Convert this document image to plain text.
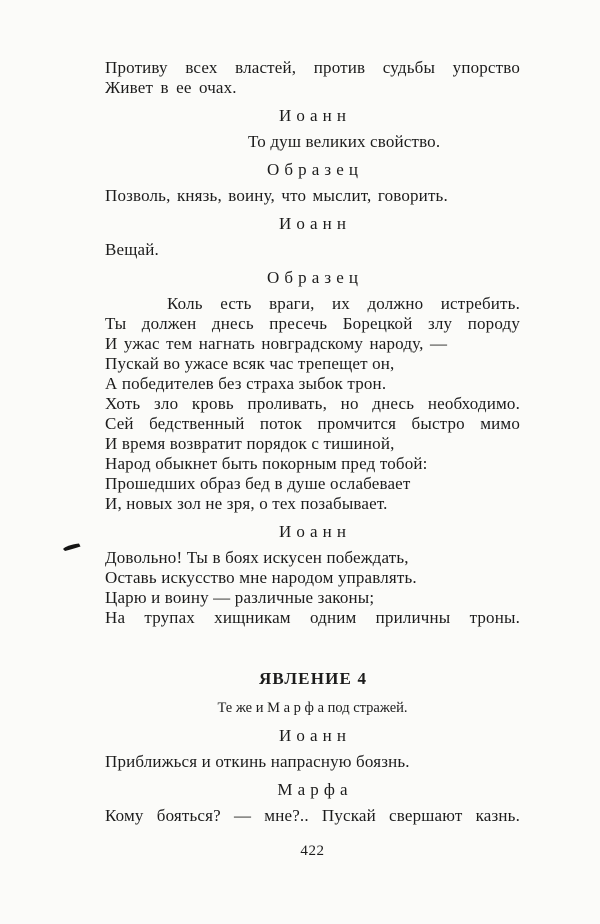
Противу всех властей, против судьбы упорство
Живет в ее очах.
Иоанн
То душ великих свойство.
Образец
Позволь, князь, воину, что мыслит, говорить.
Иоанн
Вещай.
Образец
Коль есть враги, их должно истребить.
Ты должен днесь пресечь Борецкой злу породу
И ужас тем нагнать новградскому народу, —
Пускай во ужасе всяк час трепещет он,
А победителев без страха зыбок трон.
Хоть зло кровь проливать, но днесь необходимо.
Сей бедственный поток промчится быстро мимо
И время возвратит порядок с тишиной,
Народ обыкнет быть покорным пред тобой:
Прошедших образ бед в душе ослабевает
И, новых зол не зря, о тех позабывает.
Иоанн
Довольно! Ты в боях искусен побеждать,
Оставь искусство мне народом управлять.
Царю и воину — различные законы;
На трупах хищникам одним приличны троны.
ЯВЛЕНИЕ 4
Те же и М а р ф а под стражей.
Иоанн
Приближься и откинь напрасную боязнь.
Марфа
Кому бояться? — мне?.. Пускай свершают казнь.
422
